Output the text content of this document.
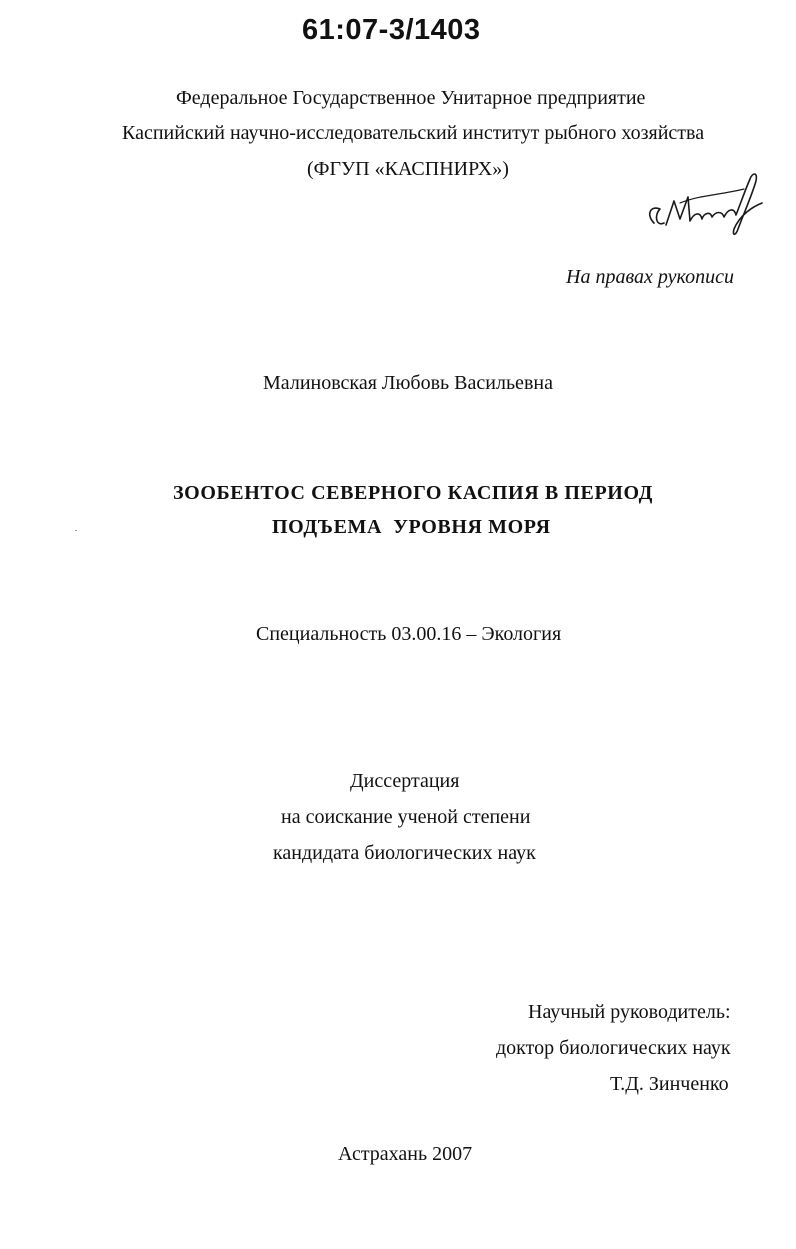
61:07-3/1403
Федеральное Государственное Унитарное предприятие
Каспийский научно-исследовательский институт рыбного хозяйства
(ФГУП «КАСПНИРХ»)
На правах рукописи
Малиновская Любовь Васильевна
ЗООБЕНТОС СЕВЕРНОГО КАСПИЯ В ПЕРИОД
ПОДЪЕМА  УРОВНЯ МОРЯ
Специальность 03.00.16 – Экология
Диссертация
на соискание ученой степени
кандидата биологических наук
Научный руководитель:
доктор биологических наук
Т.Д. Зинченко
Астрахань 2007
